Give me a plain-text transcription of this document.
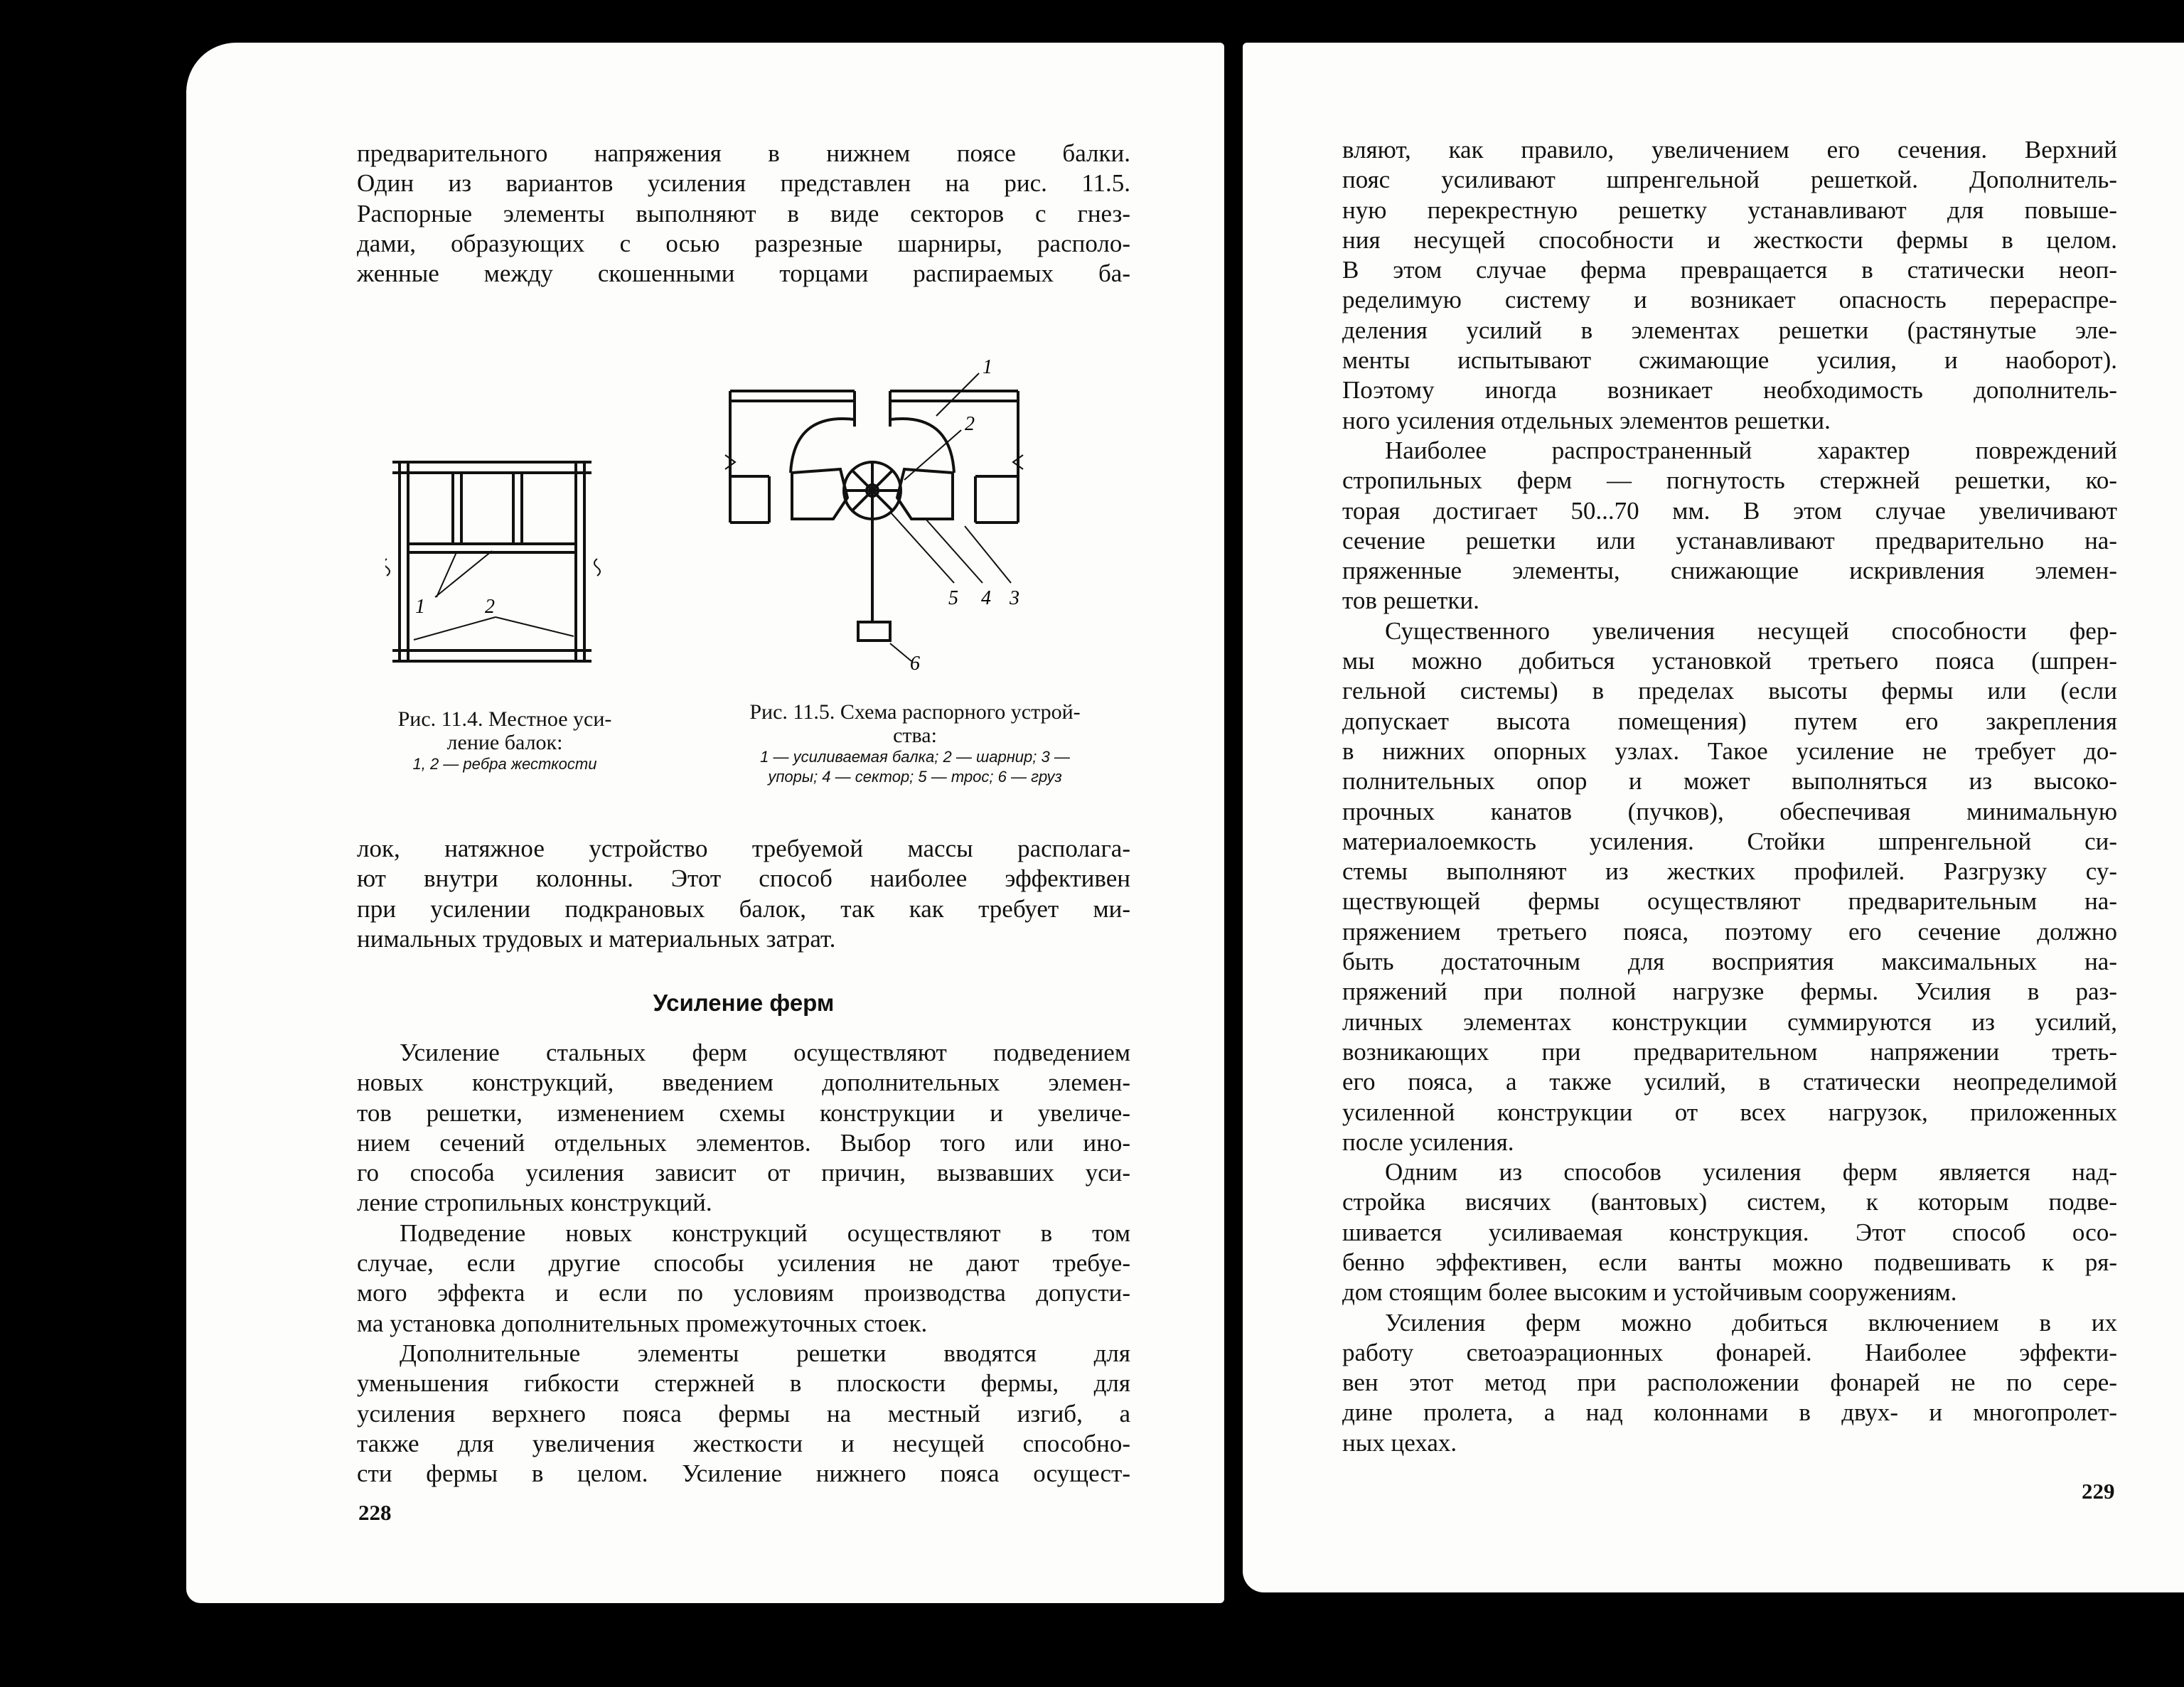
предварительного напряжения в нижнем поясе балки.
Один из вариантов усиления представлен на рис. 11.5.
Распорные элементы выполняют в виде секторов с гнез-
дами, образующих с осью разрезные шарниры, располо-
женные между скошенными торцами распираемых ба-
1	2
1
2
3
4
5
6
Рис. 11.4. Местное уси-
ление балок:
1, 2 — ребра жесткости
Рис. 11.5. Схема распорного устрой-
ства:
1 — усиливаемая балка; 2 — шарнир; 3 —
упоры; 4 — сектор; 5 — трос; 6 — груз
лок, натяжное устройство требуемой массы располага-
ют внутри колонны. Этот способ наиболее эффективен
при усилении подкрановых балок, так как требует ми-
нимальных трудовых и материальных затрат.
Усиление ферм
Усиление стальных ферм осуществляют подведением
новых конструкций, введением дополнительных элемен-
тов решетки, изменением схемы конструкции и увеличе-
нием сечений отдельных элементов. Выбор того или ино-
го способа усиления зависит от причин, вызвавших уси-
ление стропильных конструкций.
Подведение новых конструкций осуществляют в том
случае, если другие способы усиления не дают требуе-
мого эффекта и если по условиям производства допусти-
ма установка дополнительных промежуточных стоек.
Дополнительные элементы решетки вводятся для
уменьшения гибкости стержней в плоскости фермы, для
усиления верхнего пояса фермы на местный изгиб, а
также для увеличения жесткости и несущей способно-
сти фермы в целом. Усиление нижнего пояса осущест-
228
вляют, как правило, увеличением его сечения. Верхний
пояс усиливают шпренгельной решеткой. Дополнитель-
ную перекрестную решетку устанавливают для повыше-
ния несущей способности и жесткости фермы в целом.
В этом случае ферма превращается в статически неоп-
ределимую систему и возникает опасность перераспре-
деления усилий в элементах решетки (растянутые эле-
менты испытывают сжимающие усилия, и наоборот).
Поэтому иногда возникает необходимость дополнитель-
ного усиления отдельных элементов решетки.
Наиболее распространенный характер повреждений
стропильных ферм — погнутость стержней решетки, ко-
торая достигает 50...70 мм. В этом случае увеличивают
сечение решетки или устанавливают предварительно на-
пряженные элементы, снижающие искривления элемен-
тов решетки.
Существенного увеличения несущей способности фер-
мы можно добиться установкой третьего пояса (шпрен-
гельной системы) в пределах высоты фермы или (если
допускает высота помещения) путем его закрепления
в нижних опорных узлах. Такое усиление не требует до-
полнительных опор и может выполняться из высоко-
прочных канатов (пучков), обеспечивая минимальную
материалоемкость усиления. Стойки шпренгельной си-
стемы выполняют из жестких профилей. Разгрузку су-
ществующей фермы осуществляют предварительным на-
пряжением третьего пояса, поэтому его сечение должно
быть достаточным для восприятия максимальных на-
пряжений при полной нагрузке фермы. Усилия в раз-
личных элементах конструкции суммируются из усилий,
возникающих при предварительном напряжении треть-
его пояса, а также усилий, в статически неопределимой
усиленной конструкции от всех нагрузок, приложенных
после усиления.
Одним из способов усиления ферм является над-
стройка висячих (вантовых) систем, к которым подве-
шивается усиливаемая конструкция. Этот способ осо-
бенно эффективен, если ванты можно подвешивать к ря-
дом стоящим более высоким и устойчивым сооружениям.
Усиления ферм можно добиться включением в их
работу светоаэрационных фонарей. Наиболее эффекти-
вен этот метод при расположении фонарей не по сере-
дине пролета, а над колоннами в двух- и многопролет-
ных цехах.
229
